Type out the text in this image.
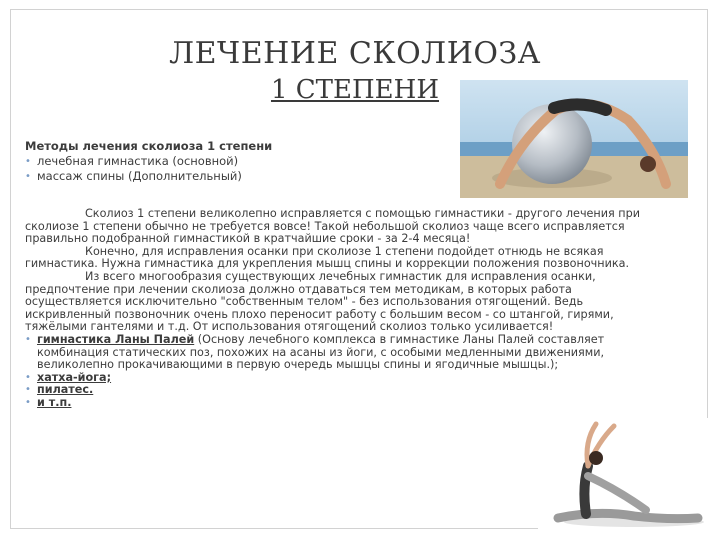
ЛЕЧЕНИЕ СКОЛИОЗА
1 СТЕПЕНИ
Методы лечения сколиоза 1 степени
• лечебная гимнастика (основной)
• массаж спины (Дополнительный)

Сколиоз 1 степени великолепно исправляется с помощью гимнастики - другого лечения при сколиозе 1 степени обычно не требуется вовсе! Такой небольшой сколиоз чаще всего исправляется правильно подобранной гимнастикой в кратчайшие сроки - за 2-4 месяца!

Конечно, для исправления осанки при сколиозе 1 степени подойдет отнюдь не всякая гимнастика. Нужна гимнастика для укрепления мышц спины и коррекции положения позвоночника.

Из всего многообразия существующих лечебных гимнастик для исправления осанки, предпочтение при лечении сколиоза должно отдаваться тем методикам, в которых работа осуществляется исключительно "собственным телом" - без использования отягощений. Ведь искривленный позвоночник очень плохо переносит работу с большим весом - со штангой, гирями, тяжёлыми гантелями и т.д. От использования отягощений сколиоз только усиливается!

• гимнастика Ланы Палей (Основу лечебного комплекса в гимнастике Ланы Палей составляет комбинация статических поз, похожих на асаны из йоги, с особыми медленными движениями, великолепно прокачивающими в первую очередь мышцы спины и ягодичные мышцы.);
• хатха-йога;
• пилатес.
• и т.п.
